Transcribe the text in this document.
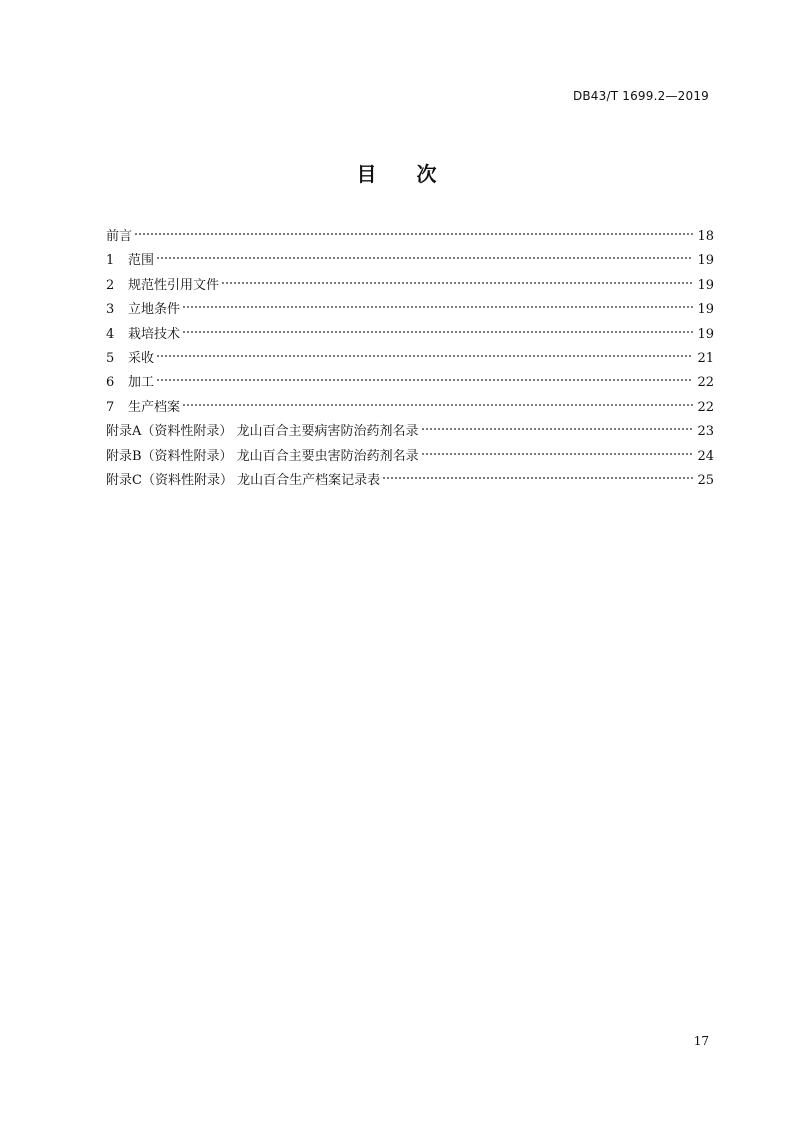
DB43/T 1699.2—2019
目次
前言	18
1	范围	19
2	规范性引用文件	19
3	立地条件	19
4	栽培技术	19
5	采收	21
6	加工	22
7	生产档案	22
附录A（资料性附录） 龙山百合主要病害防治药剂名录	23
附录B（资料性附录） 龙山百合主要虫害防治药剂名录	24
附录C（资料性附录） 龙山百合生产档案记录表	25
17
